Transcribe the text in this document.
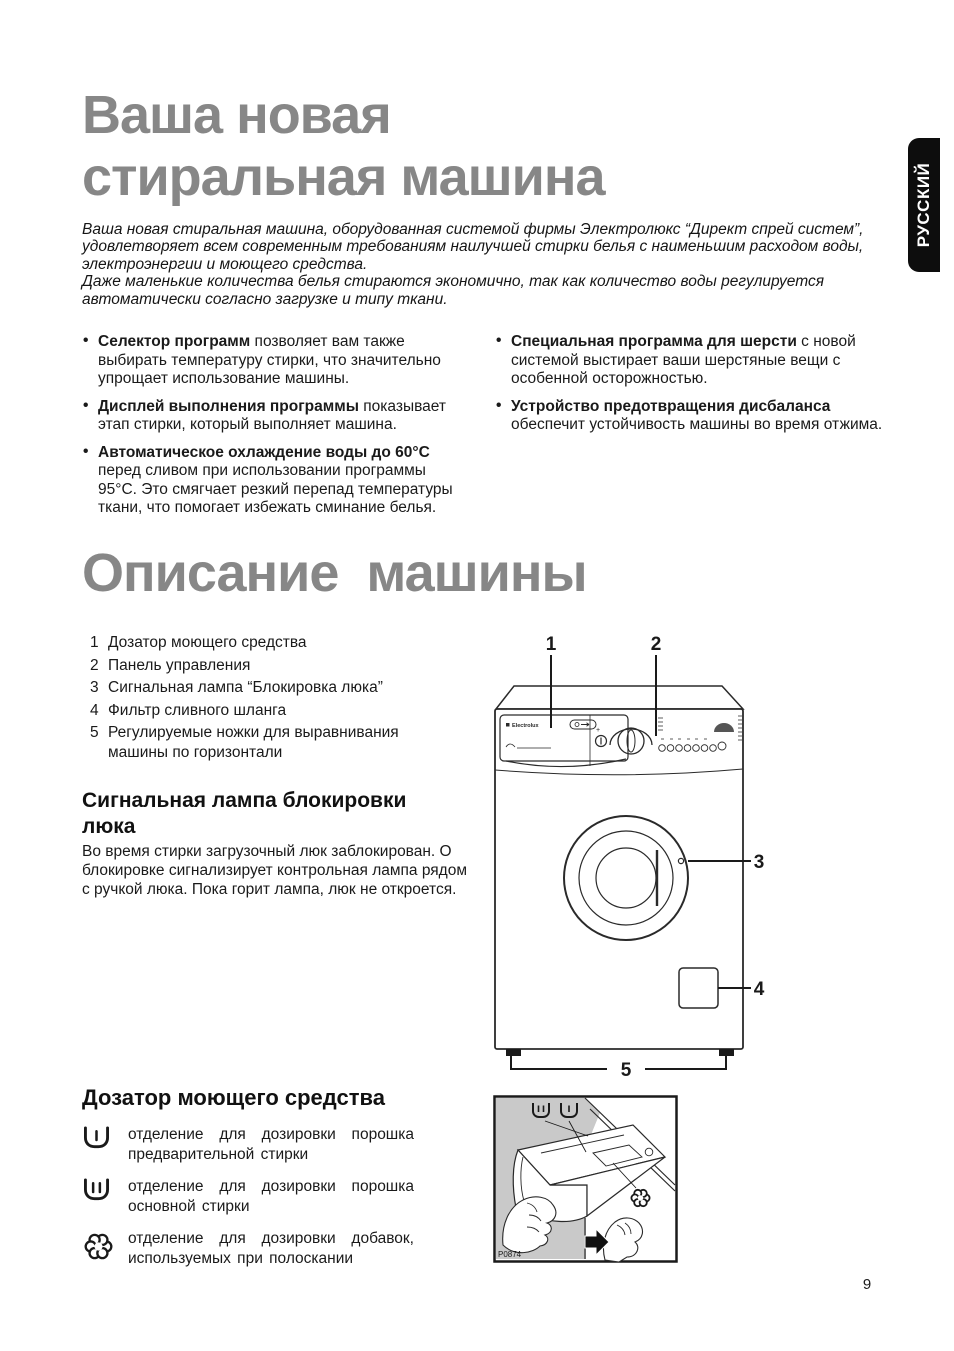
РУССКИЙ
Ваша новая
стиральная машина

Ваша новая стиральная машина, оборудованная системой фирмы Электролюкс “Директ спрей систем”, удовлетворяет всем современным требованиям наилучшей стирки белья с наименьшим расходом воды, электроэнергии и моющего средства.
Даже маленькие количества белья стираются экономично, так как количество воды регулируется автоматически согласно загрузке и типу ткани.

• Селектор программ позволяет вам также выбирать температуру стирки, что значительно упрощает использование машины.
• Дисплей выполнения программы показывает этап стирки, который выполняет машина.
• Автоматическое охлаждение воды до 60°C перед сливом при использовании программы 95°C. Это смягчает резкий перепад температуры ткани, что помогает избежать сминание белья.
• Специальная программа для шерсти с новой системой выстирает ваши шерстяные вещи с особенной осторожностью.
• Устройство предотвращения дисбаланса обеспечит устойчивость машины во время отжима.
Описание машины
1 Дозатор моющего средства
2 Панель управления
3 Сигнальная лампа “Блокировка люка”
4 Фильтр сливного шланга
5 Регулируемые ножки для выравнивания машины по горизонтали
Electrolux
+
1	2
3
4
5
Сигнальная лампа блокировки люка

Во время стирки загрузочный люк заблокирован. О блокировке сигнализирует контрольная лампа рядом с ручкой люка. Пока горит лампа, люк не откроется.

Дозатор моющего средства
отделение для дозировки порошка предварительной стирки
отделение для дозировки порошка основной стирки
отделение для дозировки добавок, используемых при полоскании	P0874
9
